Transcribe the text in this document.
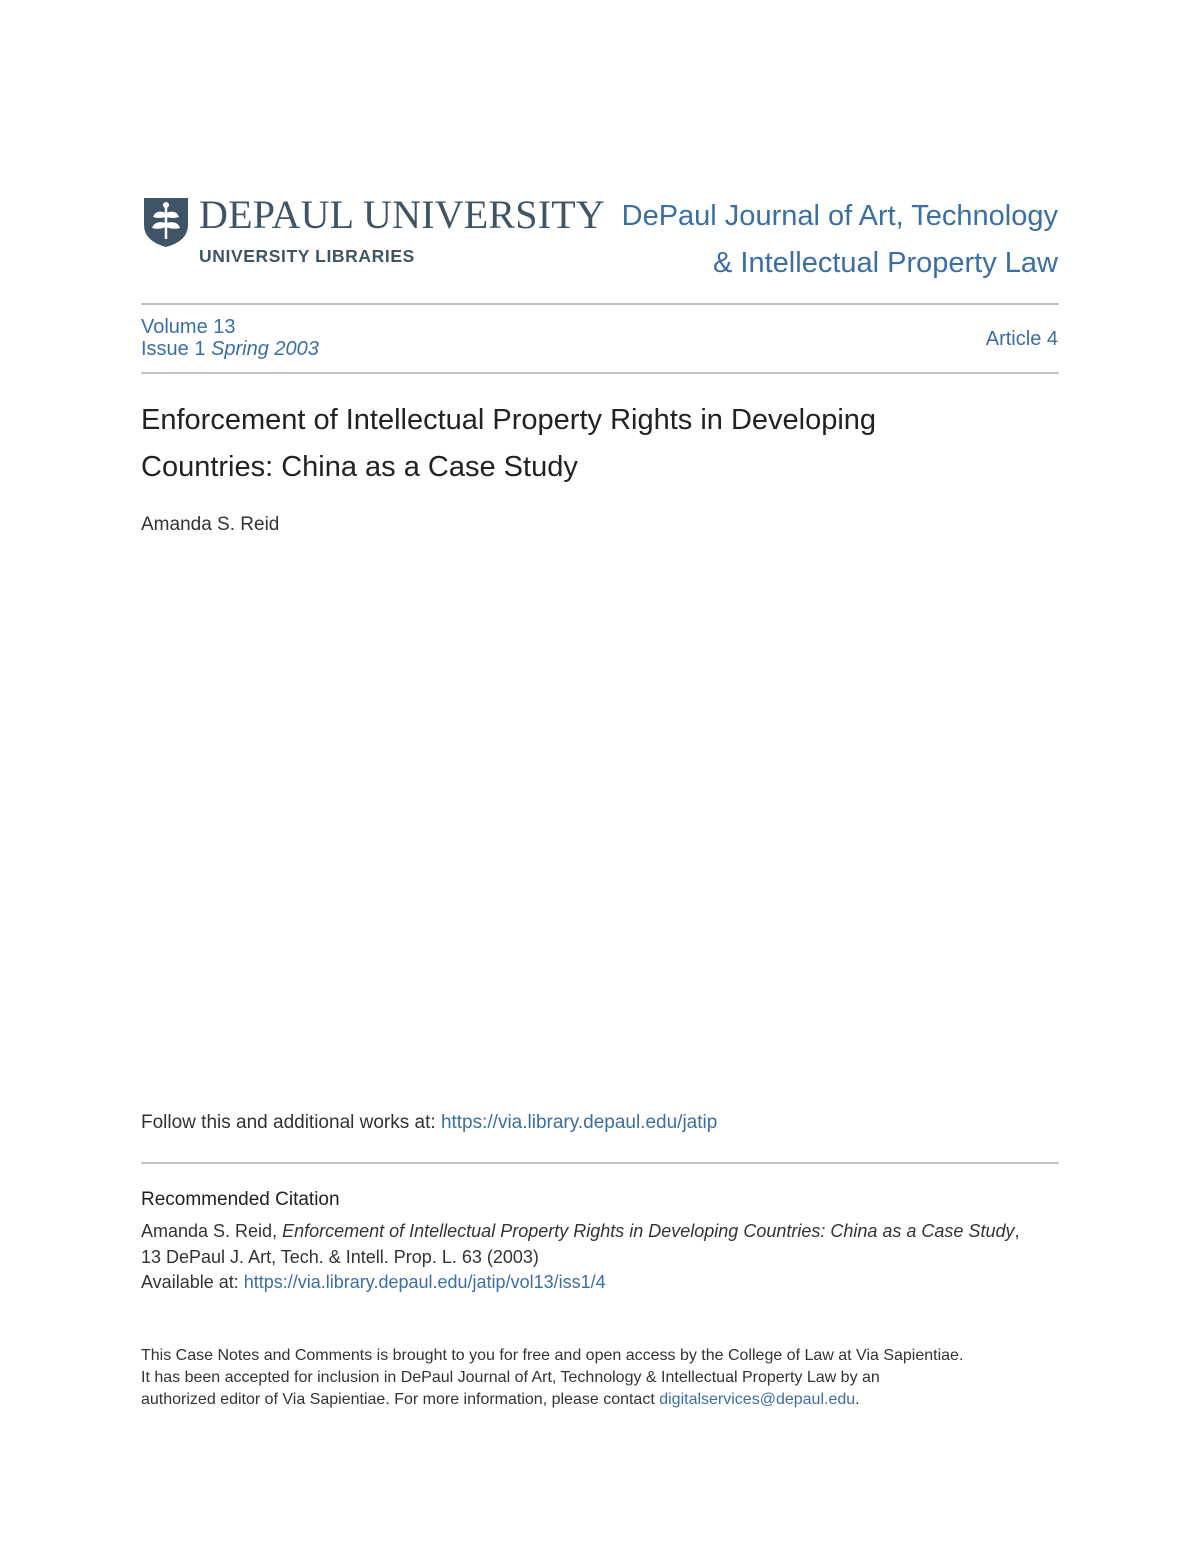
DEPAUL UNIVERSITY
UNIVERSITY LIBRARIES
DePaul Journal of Art, Technology
& Intellectual Property Law
Volume 13
Issue 1 Spring 2003	Article 4
Enforcement of Intellectual Property Rights in Developing
Countries: China as a Case Study
Amanda S. Reid
Follow this and additional works at: https://via.library.depaul.edu/jatip
Recommended Citation
Amanda S. Reid, Enforcement of Intellectual Property Rights in Developing Countries: China as a Case Study, 13 DePaul J. Art, Tech. & Intell. Prop. L. 63 (2003)
Available at: https://via.library.depaul.edu/jatip/vol13/iss1/4
This Case Notes and Comments is brought to you for free and open access by the College of Law at Via Sapientiae.
It has been accepted for inclusion in DePaul Journal of Art, Technology & Intellectual Property Law by an
authorized editor of Via Sapientiae. For more information, please contact digitalservices@depaul.edu.
